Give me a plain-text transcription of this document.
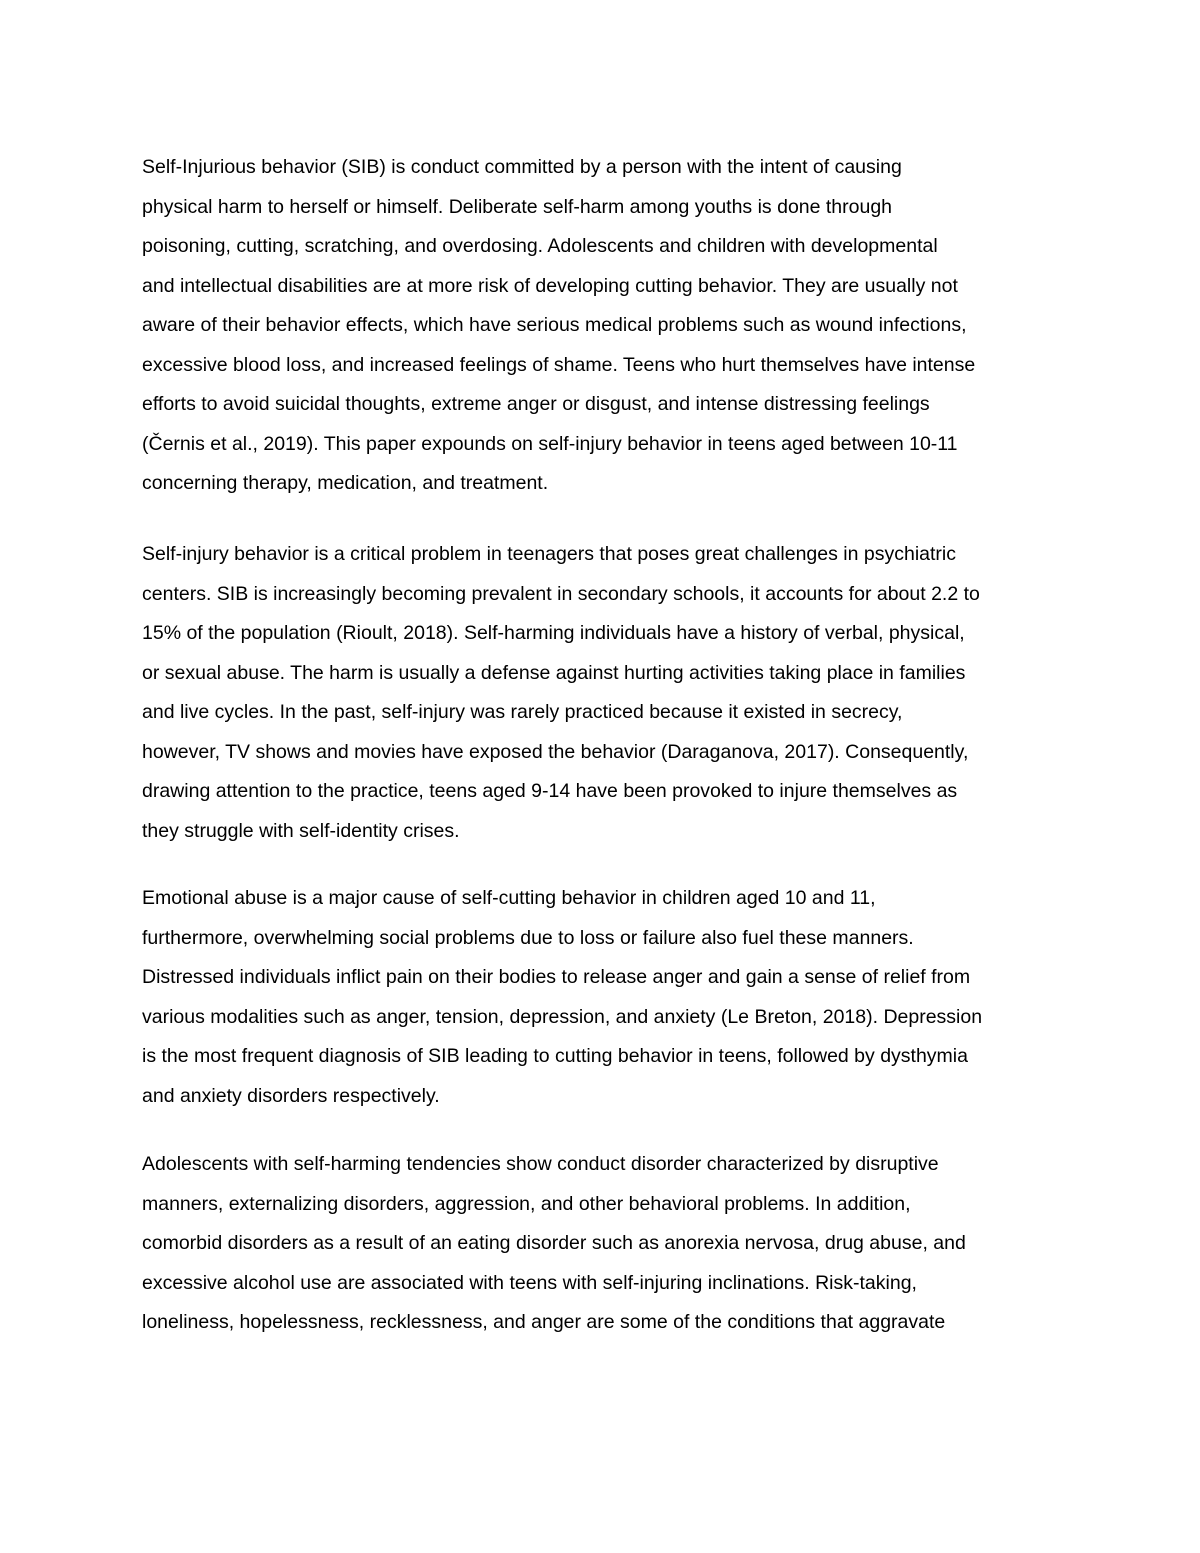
Self-Injurious behavior (SIB) is conduct committed by a person with the intent of causing
physical harm to herself or himself. Deliberate self-harm among youths is done through
poisoning, cutting, scratching, and overdosing. Adolescents and children with developmental
and intellectual disabilities are at more risk of developing cutting behavior. They are usually not
aware of their behavior effects, which have serious medical problems such as wound infections,
excessive blood loss, and increased feelings of shame. Teens who hurt themselves have intense
efforts to avoid suicidal thoughts, extreme anger or disgust, and intense distressing feelings
(Černis et al., 2019). This paper expounds on self-injury behavior in teens aged between 10-11
concerning therapy, medication, and treatment.
Self-injury behavior is a critical problem in teenagers that poses great challenges in psychiatric
centers. SIB is increasingly becoming prevalent in secondary schools, it accounts for about 2.2 to
15% of the population (Rioult, 2018). Self-harming individuals have a history of verbal, physical,
or sexual abuse. The harm is usually a defense against hurting activities taking place in families
and live cycles. In the past, self-injury was rarely practiced because it existed in secrecy,
however, TV shows and movies have exposed the behavior (Daraganova, 2017). Consequently,
drawing attention to the practice, teens aged 9-14 have been provoked to injure themselves as
they struggle with self-identity crises.
Emotional abuse is a major cause of self-cutting behavior in children aged 10 and 11,
furthermore, overwhelming social problems due to loss or failure also fuel these manners.
Distressed individuals inflict pain on their bodies to release anger and gain a sense of relief from
various modalities such as anger, tension, depression, and anxiety (Le Breton, 2018). Depression
is the most frequent diagnosis of SIB leading to cutting behavior in teens, followed by dysthymia
and anxiety disorders respectively.
Adolescents with self-harming tendencies show conduct disorder characterized by disruptive
manners, externalizing disorders, aggression, and other behavioral problems. In addition,
comorbid disorders as a result of an eating disorder such as anorexia nervosa, drug abuse, and
excessive alcohol use are associated with teens with self-injuring inclinations. Risk-taking,
loneliness, hopelessness, recklessness, and anger are some of the conditions that aggravate
